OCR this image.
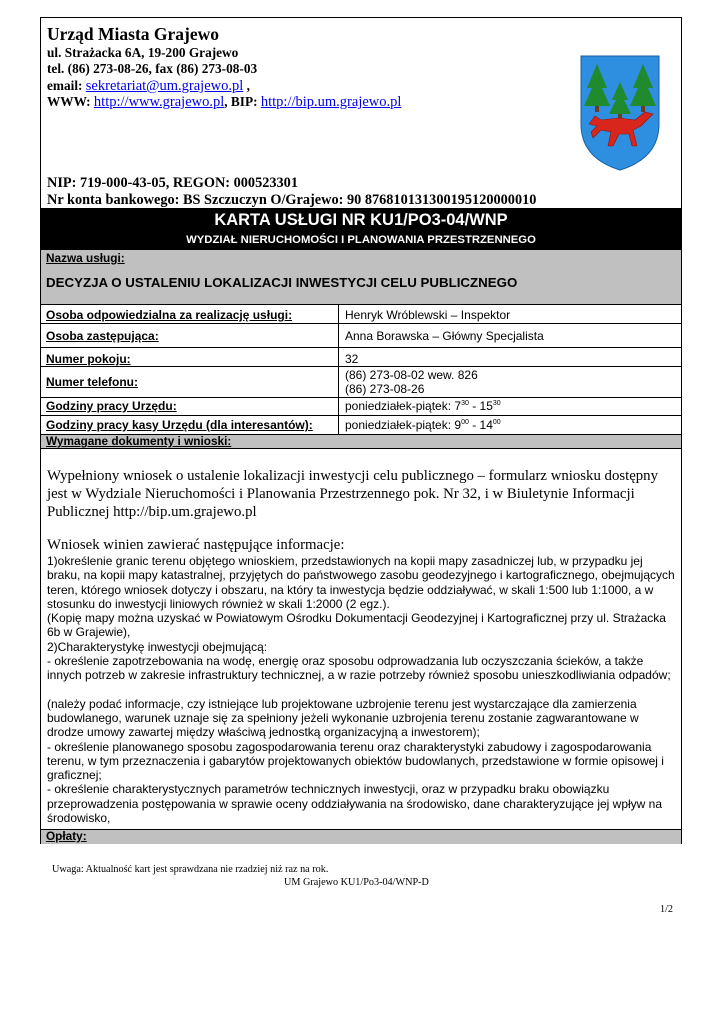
Urząd Miasta Grajewo
ul. Strażacka 6A, 19-200 Grajewo
tel. (86) 273-08-26, fax (86) 273-08-03
email: sekretariat@um.grajewo.pl ,
WWW: http://www.grajewo.pl, BIP: http://bip.um.grajewo.pl
NIP: 719-000-43-05, REGON: 000523301
Nr konta bankowego: BS Szczuczyn O/Grajewo: 90 87681013130019512000001​0
KARTA USŁUGI NR KU1/PO3-04/WNP
WYDZIAŁ NIERUCHOMOŚCI I PLANOWANIA PRZESTRZENNEGO
Nazwa usługi:
DECYZJA O USTALENIU LOKALIZACJI INWESTYCJI CELU PUBLICZNEGO
Osoba odpowiedzialna za realizację usługi:	Henryk Wróblewski – Inspektor
Osoba zastępująca:	Anna Borawska – Główny Specjalista
Numer pokoju:	32
Numer telefonu:	(86) 273-08-02 wew. 826
(86) 273-08-26
Godziny pracy Urzędu:	poniedziałek-piątek: $7^{30} - 15^{30}$
Godziny pracy kasy Urzędu (dla interesantów):	poniedziałek-piątek: $9^{00} - 14^{00}$
Wymagane dokumenty i wnioski:
Wypełniony wniosek o ustalenie lokalizacji inwestycji celu publicznego – formularz wniosku dostępny jest w Wydziale Nieruchomości i Planowania Przestrzennego pok. Nr 32, i w Biuletynie Informacji Publicznej http://bip.um.grajewo.pl
Wniosek winien zawierać następujące informacje:
1)określenie granic terenu objętego wnioskiem, przedstawionych na kopii mapy zasadniczej lub, w przypadku jej braku, na kopii mapy katastralnej, przyjętych do państwowego zasobu geodezyjnego i kartograficznego, obejmujących teren, którego wniosek dotyczy i obszaru, na który ta inwestycja będzie oddziaływać, w skali 1:500 lub 1:1000, a w stosunku do inwestycji liniowych również w skali 1:2000 (2 egz.).
(Kopię mapy można uzyskać w Powiatowym Ośrodku Dokumentacji Geodezyjnej i Kartograficznej przy ul. Strażacka 6b w Grajewie),
2)Charakterystykę inwestycji obejmującą:
- określenie zapotrzebowania na wodę, energię oraz sposobu odprowadzania lub oczyszczania ścieków, a także innych potrzeb w zakresie infrastruktury technicznej, a w razie potrzeby również sposobu unieszkodliwiania odpadów;
(należy podać informacje, czy istniejące lub projektowane uzbrojenie terenu jest wystarczające dla zamierzenia budowlanego, warunek uznaje się za spełniony jeżeli wykonanie uzbrojenia terenu zostanie zagwarantowane w drodze umowy zawartej między właściwą jednostką organizacyjną a inwestorem);
- określenie planowanego sposobu zagospodarowania terenu oraz charakterystyki zabudowy i zagospodarowania terenu, w tym przeznaczenia i gabarytów projektowanych obiektów budowlanych, przedstawione w formie opisowej i graficznej;
- określenie charakterystycznych parametrów technicznych inwestycji, oraz w przypadku braku obowiązku przeprowadzenia postępowania w sprawie oceny oddziaływania na środowisko, dane charakteryzujące jej wpływ na środowisko,
Opłaty:
Uwaga: Aktualność kart jest sprawdzana nie rzadziej niż raz na rok.
UM Grajewo KU1/Po3-04/WNP-D
1/2
